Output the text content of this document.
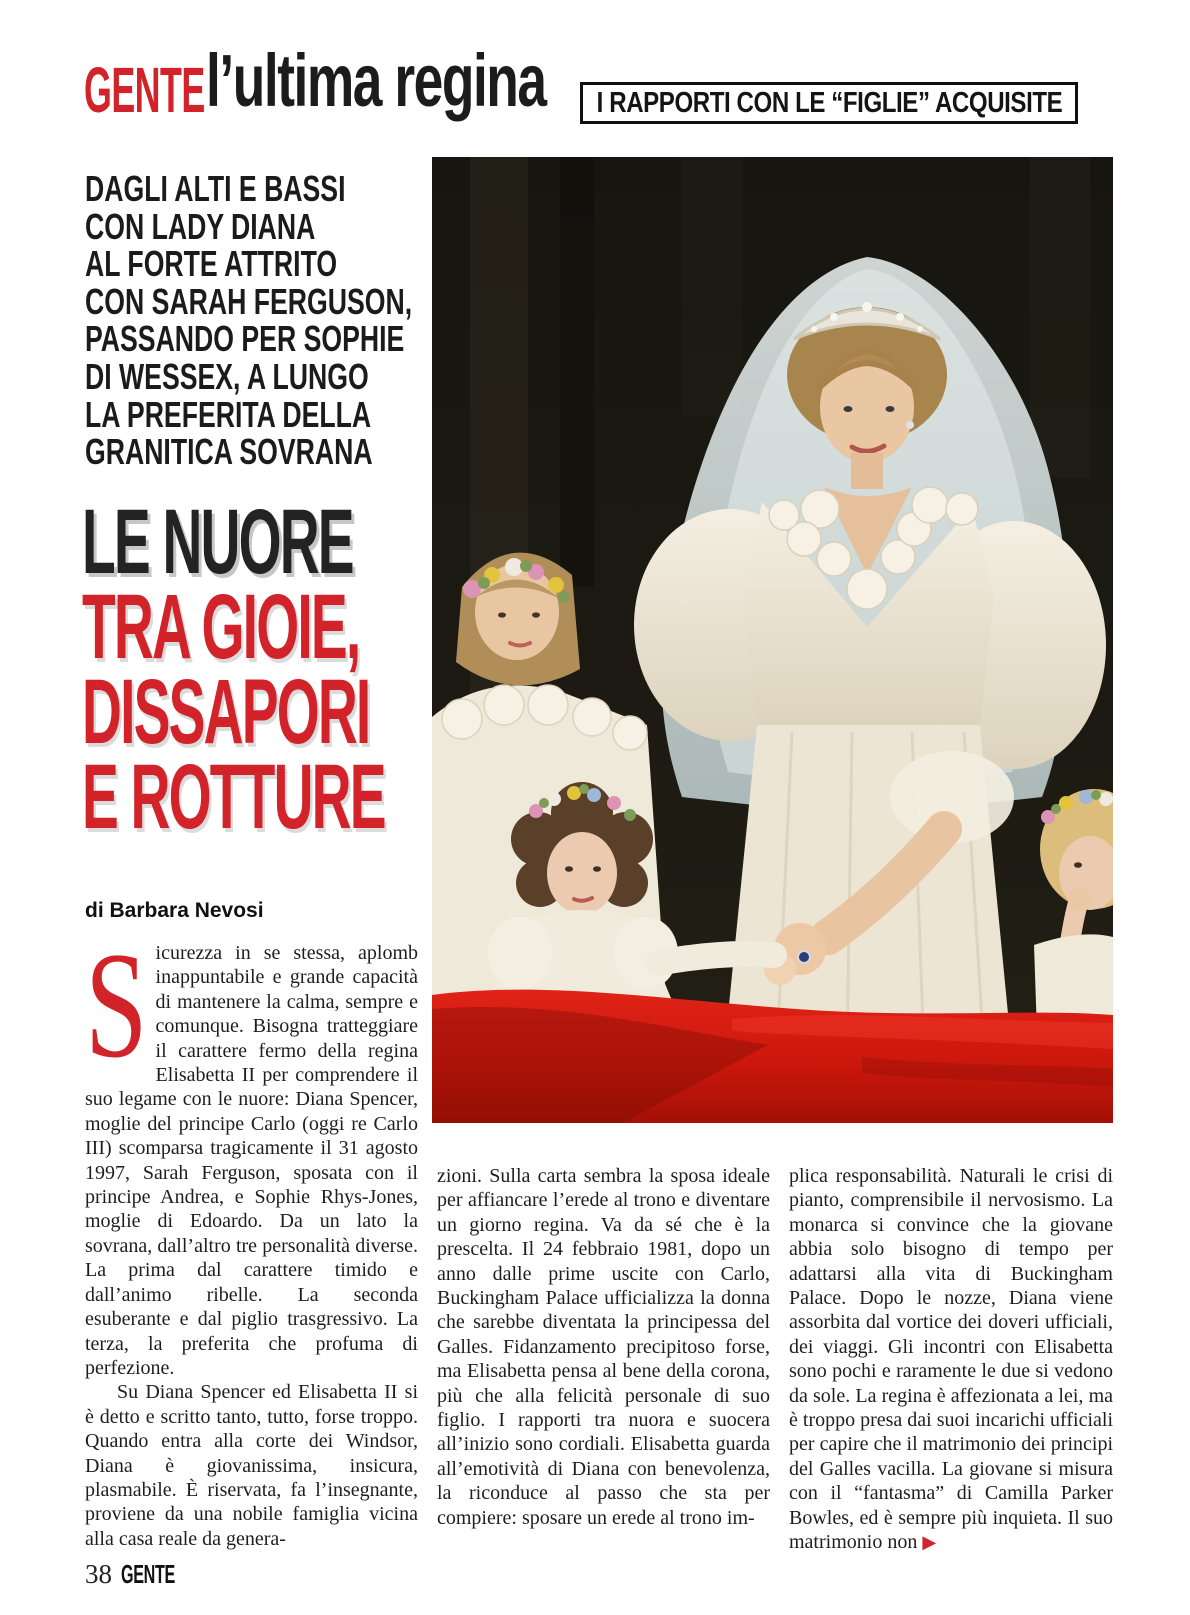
GENTE l’ultima regina I RAPPORTI CON LE “FIGLIE” ACQUISITE
DAGLI ALTI E BASSI
CON LADY DIANA
AL FORTE ATTRITO
CON SARAH FERGUSON,
PASSANDO PER SOPHIE
DI WESSEX, A LUNGO
LA PREFERITA DELLA
GRANITICA SOVRANA
LE NUORE
TRA GIOIE,
DISSAPORI
E ROTTURE
di Barbara Nevosi

Sicurezza in se stessa, aplomb inappuntabile e grande capacità di mantenere la calma, sempre e comunque. Bisogna tratteggiare il carattere fermo della regina Elisabetta II per comprendere il suo legame con le nuore: Diana Spencer, moglie del principe Carlo (oggi re Carlo III) scomparsa tragicamente il 31 agosto 1997, Sarah Ferguson, sposata con il principe Andrea, e Sophie Rhys-Jones, moglie di Edoardo. Da un lato la sovrana, dall’altro tre personalità diverse. La prima dal carattere timido e dall’animo ribelle. La seconda esuberante e dal piglio trasgressivo. La terza, la preferita che profuma di perfezione.

Su Diana Spencer ed Elisabetta II si è detto e scritto tanto, tutto, forse troppo. Quando entra alla corte dei Windsor, Diana è giovanissima, insicura, plasmabile. È riservata, fa l’insegnante, proviene da una nobile famiglia vicina alla casa reale da genera-

zioni. Sulla carta sembra la sposa ideale per affiancare l’erede al trono e diventare un giorno regina. Va da sé che è la prescelta. Il 24 febbraio 1981, dopo un anno dalle prime uscite con Carlo, Buckingham Palace ufficializza la donna che sarebbe diventata la principessa del Galles. Fidanzamento precipitoso forse, ma Elisabetta pensa al bene della corona, più che alla felicità personale di suo figlio. I rapporti tra nuora e suocera all’inizio sono cordiali. Elisabetta guarda all’emotività di Diana con benevolenza, la riconduce al passo che sta per compiere: sposare un erede al trono im-

plica responsabilità. Naturali le crisi di pianto, comprensibile il nervosismo. La monarca si convince che la giovane abbia solo bisogno di tempo per adattarsi alla vita di Buckingham Palace. Dopo le nozze, Diana viene assorbita dal vortice dei doveri ufficiali, dei viaggi. Gli incontri con Elisabetta sono pochi e raramente le due si vedono da sole. La regina è affezionata a lei, ma è troppo presa dai suoi incarichi ufficiali per capire che il matrimonio dei principi del Galles vacilla. La giovane si misura con il “fantasma” di Camilla Parker Bowles, ed è sempre più inquieta. Il suo matrimonio non ▶

38 GENTE
